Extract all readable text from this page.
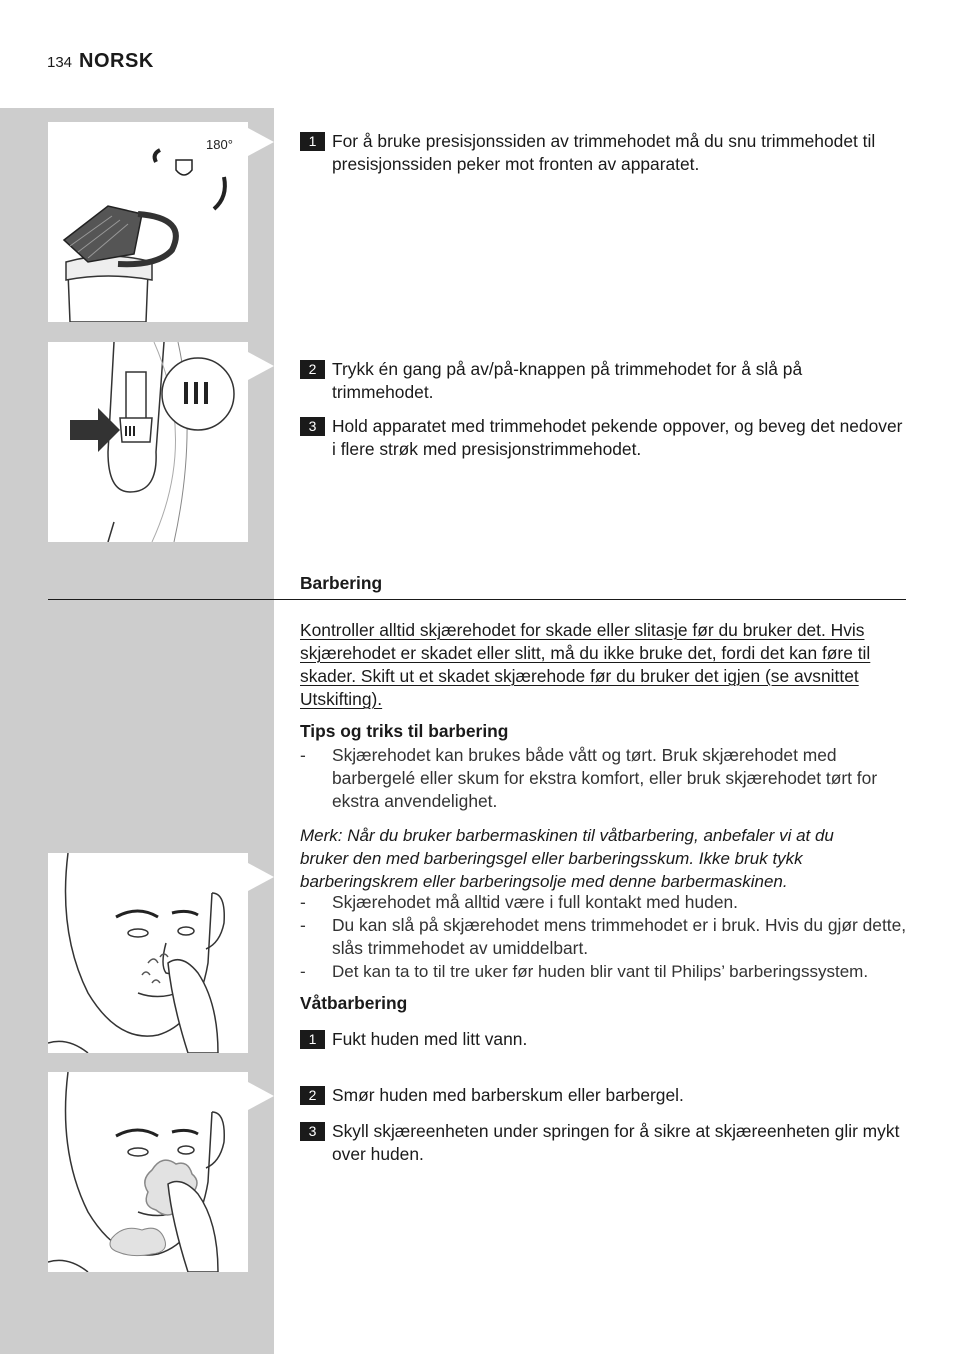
134 NORSK
180°	1 For å bruke presisjonssiden av trimmehodet må du snu trimmehodet til presisjonssiden peker mot fronten av apparatet.
2 Trykk én gang på av/på-knappen på trimmehodet for å slå på trimmehodet.
3 Hold apparatet med trimmehodet pekende oppover, og beveg det nedover i flere strøk med presisjonstrimmehodet.
Barbering
Kontroller alltid skjærehodet for skade eller slitasje før du bruker det. Hvis skjærehodet er skadet eller slitt, må du ikke bruke det, fordi det kan føre til skader. Skift ut et skadet skjærehode før du bruker det igjen (se avsnittet Utskifting).
Tips og triks til barbering
- Skjærehodet kan brukes både vått og tørt. Bruk skjærehodet med barbergelé eller skum for ekstra komfort, eller bruk skjærehodet tørt for ekstra anvendelighet.
Merk: Når du bruker barbermaskinen til våtbarbering, anbefaler vi at du bruker den med barberingsgel eller barberingsskum. Ikke bruk tykk barberingskrem eller barberingsolje med denne barbermaskinen.
- Skjærehodet må alltid være i full kontakt med huden.
- Du kan slå på skjærehodet mens trimmehodet er i bruk. Hvis du gjør dette, slås trimmehodet av umiddelbart.
- Det kan ta to til tre uker før huden blir vant til Philips’ barberingssystem.
Våtbarbering
1 Fukt huden med litt vann.
2 Smør huden med barberskum eller barbergel.
3 Skyll skjæreenheten under springen for å sikre at skjæreenheten glir mykt over huden.
